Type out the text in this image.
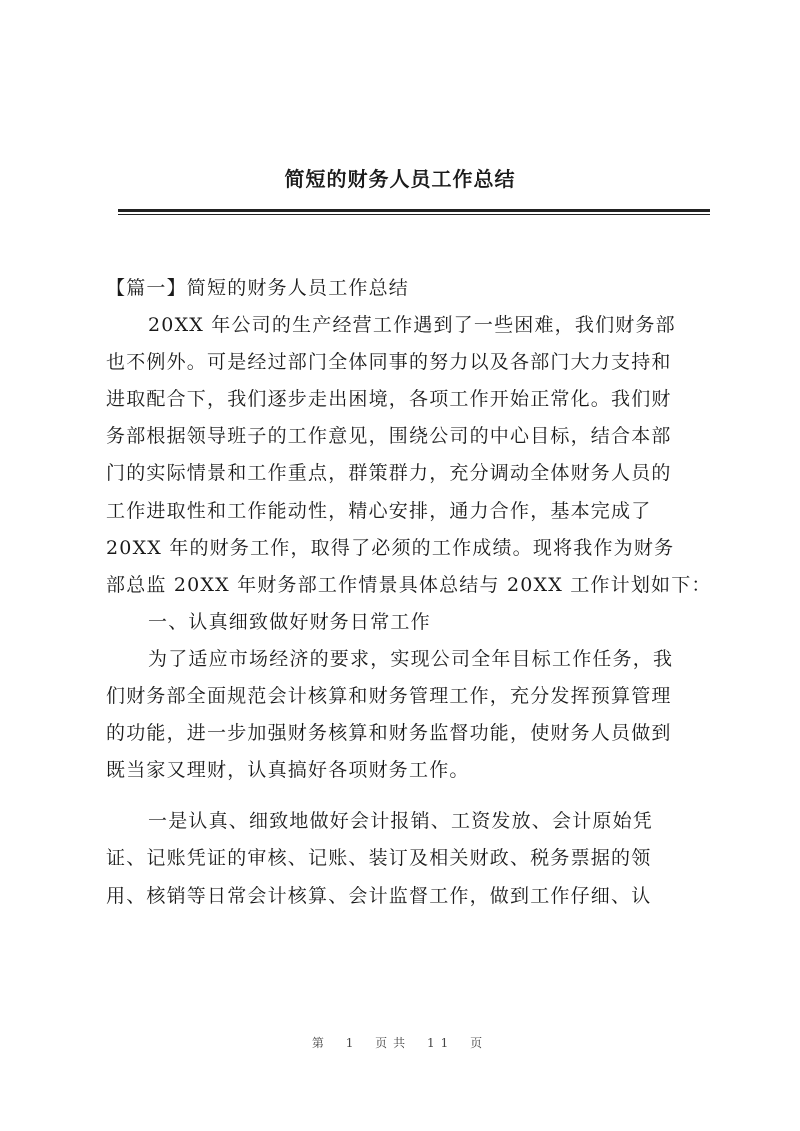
简短的财务人员工作总结
【篇一】简短的财务人员工作总结
20XX 年公司的生产经营工作遇到了一些困难，我们财务部
也不例外。可是经过部门全体同事的努力以及各部门大力支持和
进取配合下，我们逐步走出困境，各项工作开始正常化。我们财
务部根据领导班子的工作意见，围绕公司的中心目标，结合本部
门的实际情景和工作重点，群策群力，充分调动全体财务人员的
工作进取性和工作能动性，精心安排，通力合作，基本完成了
20XX 年的财务工作，取得了必须的工作成绩。现将我作为财务
部总监 20XX 年财务部工作情景具体总结与 20XX 工作计划如下：
一、认真细致做好财务日常工作
为了适应市场经济的要求，实现公司全年目标工作任务，我
们财务部全面规范会计核算和财务管理工作，充分发挥预算管理
的功能，进一步加强财务核算和财务监督功能，使财务人员做到
既当家又理财，认真搞好各项财务工作。
一是认真、细致地做好会计报销、工资发放、会计原始凭
证、记账凭证的审核、记账、装订及相关财政、税务票据的领
用、核销等日常会计核算、会计监督工作，做到工作仔细、认
第 1 页共 11 页
